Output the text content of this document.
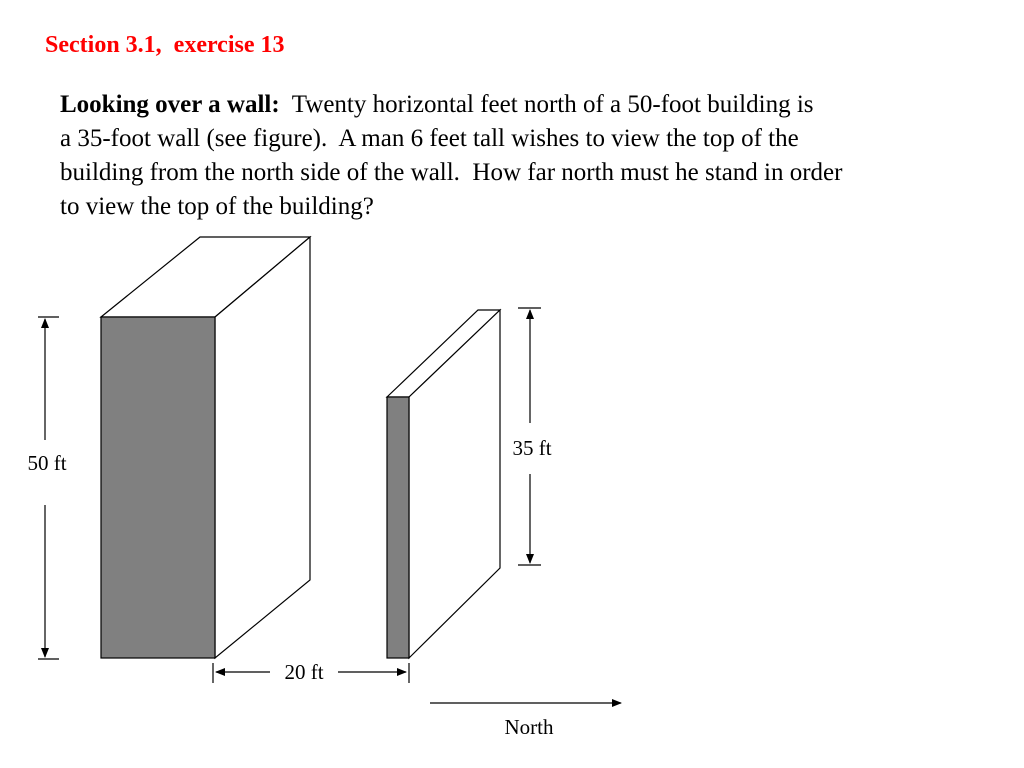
Section 3.1,  exercise 13
Looking over a wall:  Twenty horizontal feet north of a 50-foot building is
a 35-foot wall (see figure).  A man 6 feet tall wishes to view the top of the
building from the north side of the wall.  How far north must he stand in order
to view the top of the building?
50 ft
35 ft
20 ft
North
